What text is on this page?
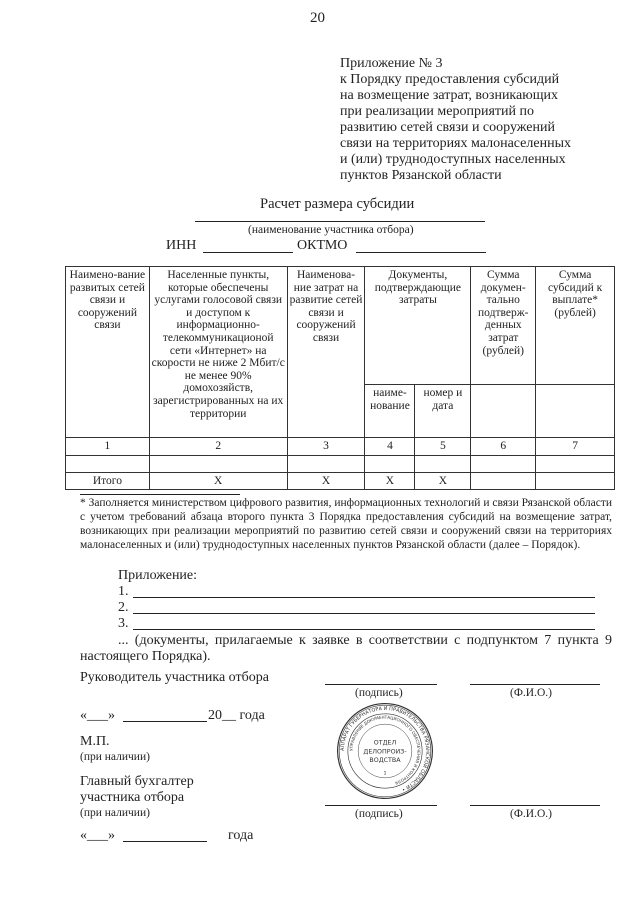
20
Приложение № 3
к Порядку предоставления субсидий
на возмещение затрат, возникающих
при реализации мероприятий по
развитию сетей связи и сооружений
связи на территориях малонаселенных
и (или) труднодоступных населенных
пунктов Рязанской области
Расчет размера субсидии
(наименование участника отбора)
ИНН	ОКТМО
Наимено-вание развитых сетей связи и сооружений связи	Населенные пункты, которые обеспечены услугами голосовой связи и доступом к информационно-телекоммуникационой сети «Интернет» на скорости не ниже 2 Мбит/с не менее 90% домохозяйств, зарегистрированных на их территории	Наименова-ние затрат на развитие сетей связи и сооружений связи	Документы, подтверждающие затраты		Сумма докумен-тально подтверж-денных затрат (рублей)	Сумма субсидий к выплате* (рублей)
			наиме-нование	номер и дата		
1	2	3	4	5	6	7

Итого	X	X	X	X		
* Заполняется министерством цифрового развития, информационных технологий и связи Рязанской области с учетом требований абзаца второго пункта 3 Порядка предоставления субсидий на возмещение затрат, возникающих при реализации мероприятий по развитию сетей связи и сооружений связи на территориях малонаселенных и (или) труднодоступных населенных пунктов Рязанской области (далее – Порядок).
Приложение:
1.
2.
3.
... (документы, прилагаемые к заявке в соответствии с подпунктом 7 пункта 9 настоящего Порядка).
Руководитель участника отбора
(подпись)	(Ф.И.О.)
«___»	20__ года
М.П.
(при наличии)
Главный бухгалтер
участника отбора
(при наличии)	(подпись)	(Ф.И.О.)
«___»	года
АППАРАТ ГУБЕРНАТОРА И ПРАВИТЕЛЬСТВА РЯЗАНСКОЙ ОБЛАСТИ •
УПРАВЛЕНИЕ ДОКУМЕНТАЦИОННОГО ОБЕСПЕЧЕНИЯ И КОНТРОЛЯ
ОТДЕЛ
ДЕЛОПРОИЗ-
ВОДСТВА
1
